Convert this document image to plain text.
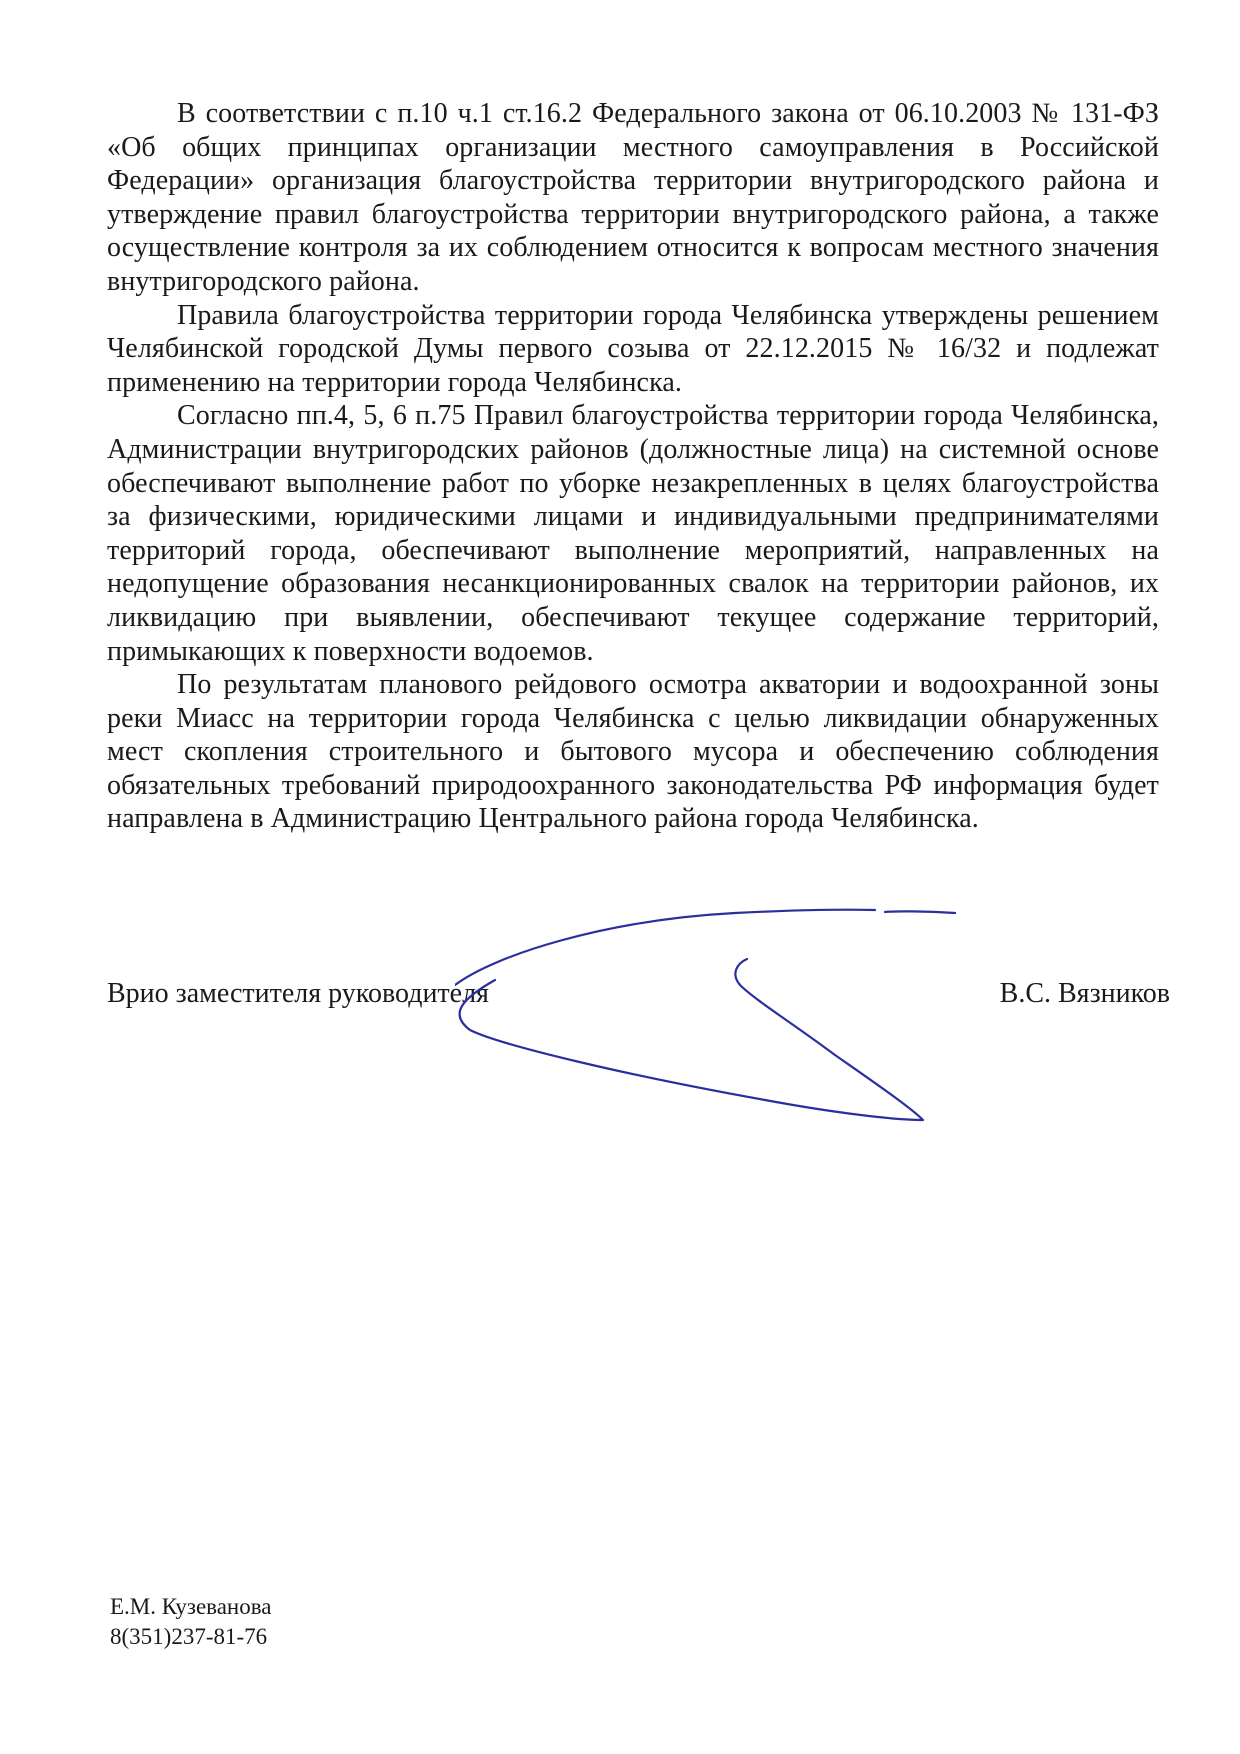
В соответствии с п.10 ч.1 ст.16.2 Федерального закона от 06.10.2003 № 131-ФЗ «Об общих принципах организации местного самоуправления в Российской Федерации» организация благоустройства территории внутригородского района и утверждение правил благоустройства территории внутригородского района, а также осуществление контроля за их соблюдением относится к вопросам местного значения внутригородского района.

Правила благоустройства территории города Челябинска утверждены решением Челябинской городской Думы первого созыва от 22.12.2015 № 16/32 и подлежат применению на территории города Челябинска.

Согласно пп.4, 5, 6 п.75 Правил благоустройства территории города Челябинска, Администрации внутригородских районов (должностные лица) на системной основе обеспечивают выполнение работ по уборке незакрепленных в целях благоустройства за физическими, юридическими лицами и индивидуальными предпринимателями территорий города, обеспечивают выполнение мероприятий, направленных на недопущение образования несанкционированных свалок на территории районов, их ликвидацию при выявлении, обеспечивают текущее содержание территорий, примыкающих к поверхности водоемов.

По результатам планового рейдового осмотра акватории и водоохранной зоны реки Миасс на территории города Челябинска с целью ликвидации обнаруженных мест скопления строительного и бытового мусора и обеспечению соблюдения обязательных требований природоохранного законодательства РФ информация будет направлена в Администрацию Центрального района города Челябинска.

Врио заместителя руководителя	В.С. Вязников
Е.М. Кузеванова
8(351)237-81-76
